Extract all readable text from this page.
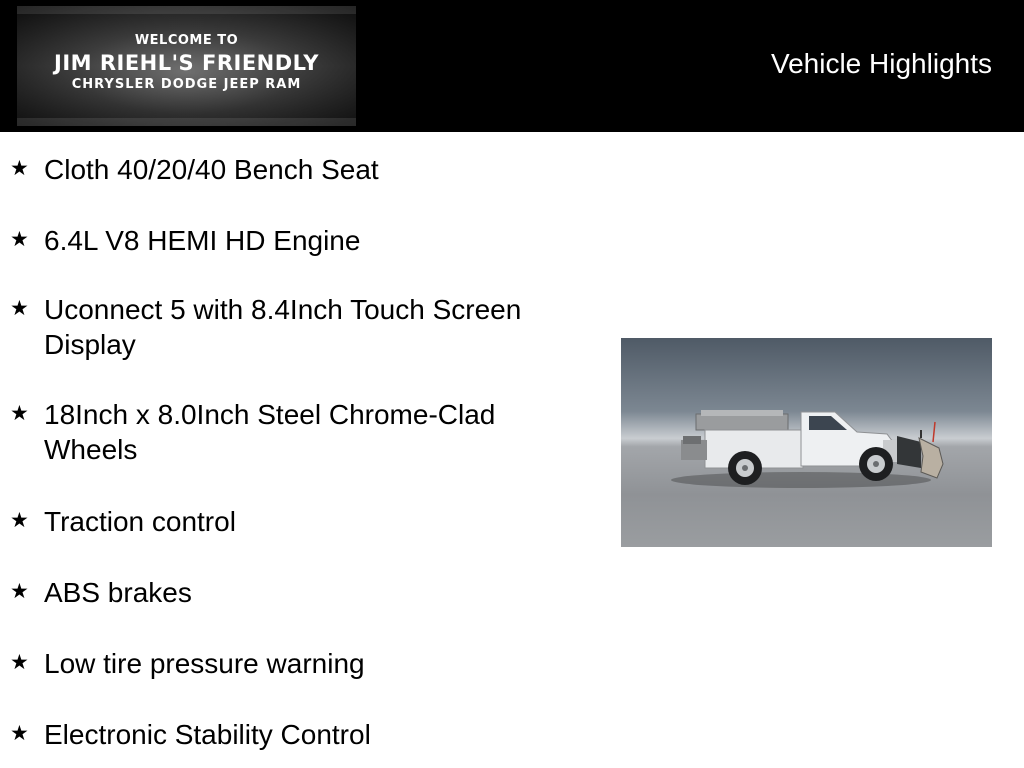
WELCOME TO
JIM RIEHL'S FRIENDLY
CHRYSLER DODGE JEEP RAM
Vehicle Highlights
★ Cloth 40/20/40 Bench Seat
★ 6.4L V8 HEMI HD Engine
★ Uconnect 5 with 8.4Inch Touch Screen Display
★ 18Inch x 8.0Inch Steel Chrome-Clad Wheels
★ Traction control
★ ABS brakes
★ Low tire pressure warning
★ Electronic Stability Control
